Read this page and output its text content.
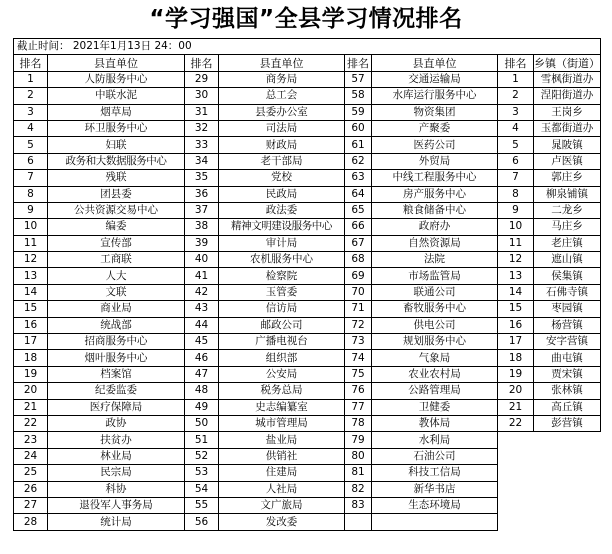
“学习强国”全县学习情况排名
截止时间： 2021年1月13日 24：00							
排名	县直单位	排名	县直单位	排名	县直单位	排名	乡镇（街道）
1	人防服务中心	29	商务局	57	交通运输局	1	雪枫街道办
2	中联水泥	30	总工会	58	水库运行服务中心	2	涅阳街道办
3	烟草局	31	县委办公室	59	物资集团	3	王岗乡
4	环卫服务中心	32	司法局	60	产聚委	4	玉都街道办
5	妇联	33	财政局	61	医药公司	5	晁陂镇
6	政务和大数据服务中心	34	老干部局	62	外贸局	6	卢医镇
7	残联	35	党校	63	中线工程服务中心	7	郭庄乡
8	团县委	36	民政局	64	房产服务中心	8	柳泉铺镇
9	公共资源交易中心	37	政法委	65	粮食储备中心	9	二龙乡
10	编委	38	精神文明建设服务中心	66	政府办	10	马庄乡
11	宣传部	39	审计局	67	自然资源局	11	老庄镇
12	工商联	40	农机服务中心	68	法院	12	遮山镇
13	人大	41	检察院	69	市场监管局	13	侯集镇
14	文联	42	玉管委	70	联通公司	14	石佛寺镇
15	商业局	43	信访局	71	畜牧服务中心	15	枣园镇
16	统战部	44	邮政公司	72	供电公司	16	杨营镇
17	招商服务中心	45	广播电视台	73	规划服务中心	17	安字营镇
18	烟叶服务中心	46	组织部	74	气象局	18	曲屯镇
19	档案馆	47	公安局	75	农业农村局	19	贾宋镇
20	纪委监委	48	税务总局	76	公路管理局	20	张林镇
21	医疗保障局	49	史志编纂室	77	卫健委	21	高丘镇
22	政协	50	城市管理局	78	教体局	22	彭营镇
23	扶贫办	51	盐业局	79	水利局		
24	林业局	52	供销社	80	石油公司		
25	民宗局	53	住建局	81	科技工信局		
26	科协	54	人社局	82	新华书店		
27	退役军人事务局	55	文广旅局	83	生态环境局		
28	统计局	56	发改委				
